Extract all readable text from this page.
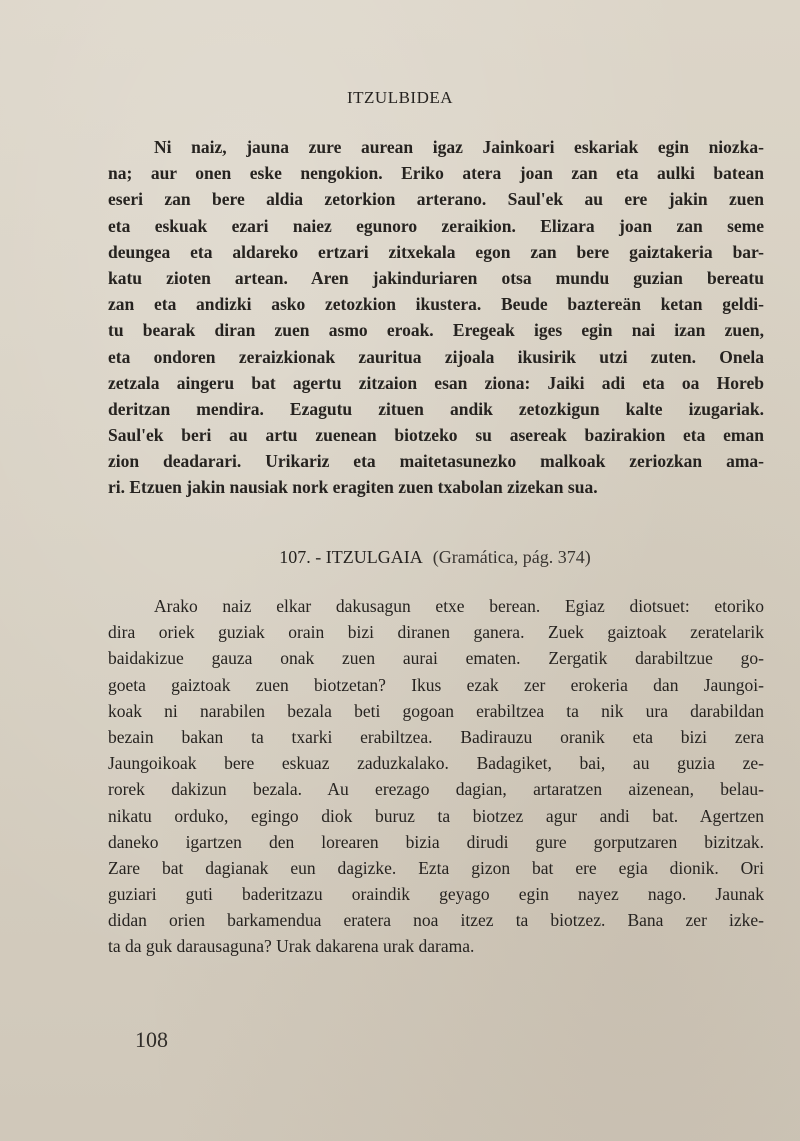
ITZULBIDEA
Ni naiz, jauna zure aurean igaz Jainkoari eskariak egin niozka-
na; aur onen eske nengokion. Eriko atera joan zan eta aulki batean
eseri zan bere aldia zetorkion arterano. Saul'ek au ere jakin zuen
eta eskuak ezari naiez egunoro zeraikion. Elizara joan zan seme
deungea eta aldareko ertzari zitxekala egon zan bere gaiztakeria bar-
katu zioten artean. Aren jakinduriaren otsa mundu guzian bereatu
zan eta andizki asko zetozkion ikustera. Beude baztereän ketan geldi-
tu bearak diran zuen asmo eroak. Eregeak iges egin nai izan zuen,
eta ondoren zeraizkionak zauritua zijoala ikusirik utzi zuten. Onela
zetzala aingeru bat agertu zitzaion esan ziona: Jaiki adi eta oa Horeb
deritzan mendira. Ezagutu zituen andik zetozkigun kalte izugariak.
Saul'ek beri au artu zuenean biotzeko su asereak bazirakion eta eman
zion deadarari. Urikariz eta maitetasunezko malkoak zeriozkan ama-
ri. Etzuen jakin nausiak nork eragiten zuen txabolan zizekan sua.
107. - ITZULGAIA (Gramática, pág. 374)
Arako naiz elkar dakusagun etxe berean. Egiaz diotsuet: etoriko
dira oriek guziak orain bizi diranen ganera. Zuek gaiztoak zeratelarik
baidakizue gauza onak zuen aurai ematen. Zergatik darabiltzue go-
goeta gaiztoak zuen biotzetan? Ikus ezak zer erokeria dan Jaungoi-
koak ni narabilen bezala beti gogoan erabiltzea ta nik ura darabildan
bezain bakan ta txarki erabiltzea. Badirauzu oranik eta bizi zera
Jaungoikoak bere eskuaz zaduzkalako. Badagiket, bai, au guzia ze-
rorek dakizun bezala. Au erezago dagian, artaratzen aizenean, belau-
nikatu orduko, egingo diok buruz ta biotzez agur andi bat. Agertzen
daneko igartzen den lorearen bizia dirudi gure gorputzaren bizitzak.
Zare bat dagianak eun dagizke. Ezta gizon bat ere egia dionik. Ori
guziari guti baderitzazu oraindik geyago egin nayez nago. Jaunak
didan orien barkamendua eratera noa itzez ta biotzez. Bana zer izke-
ta da guk darausaguna? Urak dakarena urak darama.
108
